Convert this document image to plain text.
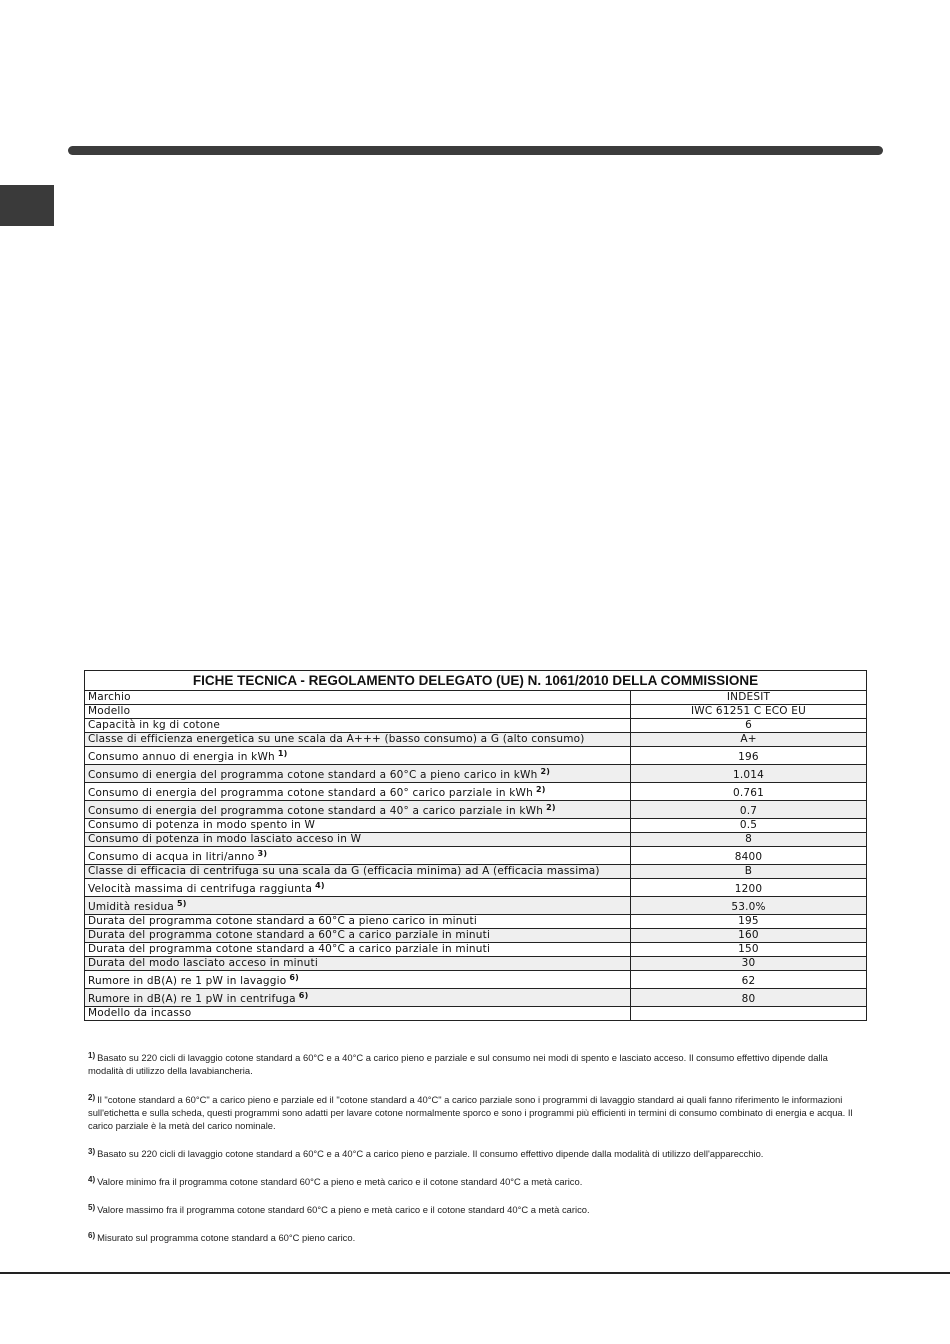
FICHE TECNICA - REGOLAMENTO DELEGATO (UE) N. 1061/2010 DELLA COMMISSIONE	
Marchio	INDESIT
Modello	IWC 61251 C ECO EU
Capacità in kg di cotone	6
Classe di efficienza energetica su une scala da A+++ (basso consumo) a G (alto consumo)	A+
Consumo annuo di energia in kWh $^{1)}$	196
Consumo di energia del programma cotone standard a 60°C a pieno carico in kWh $^{2)}$	1.014
Consumo di energia del programma cotone standard a 60° carico parziale in kWh $^{2)}$	0.761
Consumo di energia del programma cotone standard a 40° a carico parziale in kWh $^{2)}$	0.7
Consumo di potenza in modo spento in W	0.5
Consumo di potenza in modo lasciato acceso in W	8
Consumo di acqua in litri/anno $^{3)}$	8400
Classe di efficacia di centrifuga su una scala da G (efficacia minima) ad A (efficacia massima)	B
Velocità massima di centrifuga raggiunta $^{4)}$	1200
Umidità residua $^{5)}$	53.0%
Durata del programma cotone standard a 60°C a pieno carico in minuti	195
Durata del programma cotone standard a 60°C a carico parziale in minuti	160
Durata del programma cotone standard a 40°C a carico parziale in minuti	150
Durata del modo lasciato acceso in minuti	30
Rumore in dB(A) re 1 pW in lavaggio $^{6)}$	62
Rumore in dB(A) re 1 pW in centrifuga $^{6)}$	80
Modello da incasso	

$^{1)}$ Basato su 220 cicli di lavaggio cotone standard a 60°C e a 40°C a carico pieno e parziale e sul consumo nei modi di spento e lasciato acceso. Il consumo effettivo dipende dalla modalità di utilizzo della lavabiancheria.

$^{2)}$ Il "cotone standard a 60°C" a carico pieno e parziale ed il "cotone standard a 40°C" a carico parziale sono i programmi di lavaggio standard ai quali fanno riferimento le informazioni sull'etichetta e sulla scheda, questi programmi sono adatti per lavare cotone normalmente sporco e sono i programmi più efficienti in termini di consumo combinato di energia e acqua. Il carico parziale è la metà del carico nominale.

$^{3)}$ Basato su 220 cicli di lavaggio cotone standard a 60°C e a 40°C a carico pieno e parziale. Il consumo effettivo dipende dalla modalità di utilizzo dell'apparecchio.

$^{4)}$ Valore minimo fra il programma cotone standard 60°C a pieno e metà carico e il cotone standard 40°C a metà carico.

$^{5)}$ Valore massimo fra il programma cotone standard 60°C a pieno e metà carico e il cotone standard 40°C a metà carico.

$^{6)}$ Misurato sul programma cotone standard a 60°C pieno carico.
